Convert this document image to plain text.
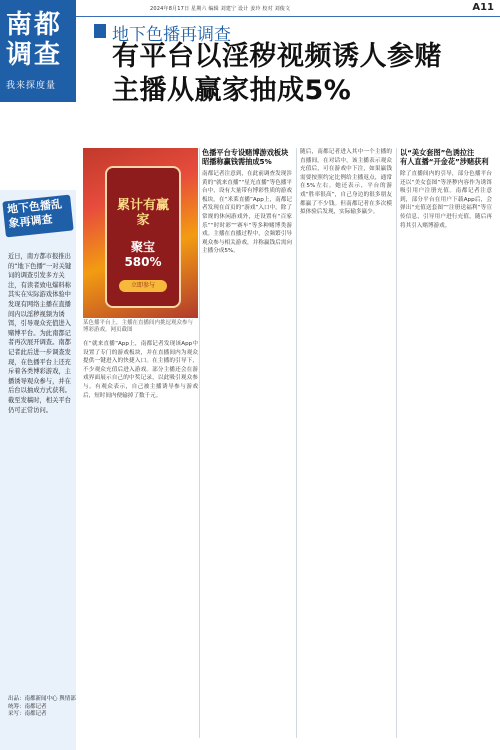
2024年8月17日 星期六 编辑 刘建宁 设计 姜玲 校对 刘俊文	A11
南都
调查
我来探度量
地下色播再调查
有平台以淫秽视频诱人参赌
主播从赢家抽成5%
地下色播乱象再调查
近日，南方都市报推出的“地下色播”一对关键词的调查引发多方关注，有读者致电爆料称其实在实际游戏体验中发现有网络主播在直播间内以淫秽视频为诱饵，引导观众充值进入赌博平台。为此南都记者再次展开调查。南都记者此后进一步调查发现，在色播平台上还充斥着各类博彩游戏，主播诱导观众参与，并在后台以抽成方式获利。截至发稿时，相关平台仍可正常访问。
出品：南都新闻中心 舆情部
统筹：南都记者
采写：南都记者
累计有赢家
聚宝580%
立即参与
某色播平台上，主播在直播间内挑逗观众参与博彩游戏。网页截图
色播平台专设赌博游戏板块
昭播称赢钱需抽成5%
南都记者注意到，在此前调查发现涉黄的“就来直播”“星光直播”等色播平台中，设有大量带有博彩性质的游戏板块。在“米莱直播”App上，南都记者发现在首页的“游戏”入口中，除了常规的休闲游戏外，还设置有“百家乐”“时时彩”“赛车”等多种赌博类游戏。主播在直播过程中，会频繁引导观众参与相关游戏，并称赢钱后需向主播分成5%。
在“就来直播”App上，南都记者发现该App中设置了专门的游戏板块，并在直播间内为观众提供一键进入的快捷入口。在主播的引导下，不少观众充值后进入游戏。部分主播还会在游戏界面展示自己的中奖记录，以此吸引观众参与。有观众表示，自己被主播诱导参与游戏后，短时间内便输掉了数千元。
随后，南都记者进入其中一个主播的直播间。在对话中，该主播表示观众充值后，可在游戏中下注，如果赢钱需要按照约定比例给主播返点，通常在5%左右。她还表示，平台的游戏“胜率很高”，自己身边的很多朋友都赢了不少钱。但南都记者在多次模拟体验后发现，实际输多赢少。
以“美女套图”色诱拉注
有人直播“开金花”涉赌获利
除了直播间内的引导，部分色播平台还以“美女套图”等淫秽内容作为诱饵吸引用户注册充值。南都记者注意到，部分平台在用户下载App后，会弹出“充值送套图”“注册送福利”等宣传信息，引导用户进行充值，随后再将其引入赌博游戏。
